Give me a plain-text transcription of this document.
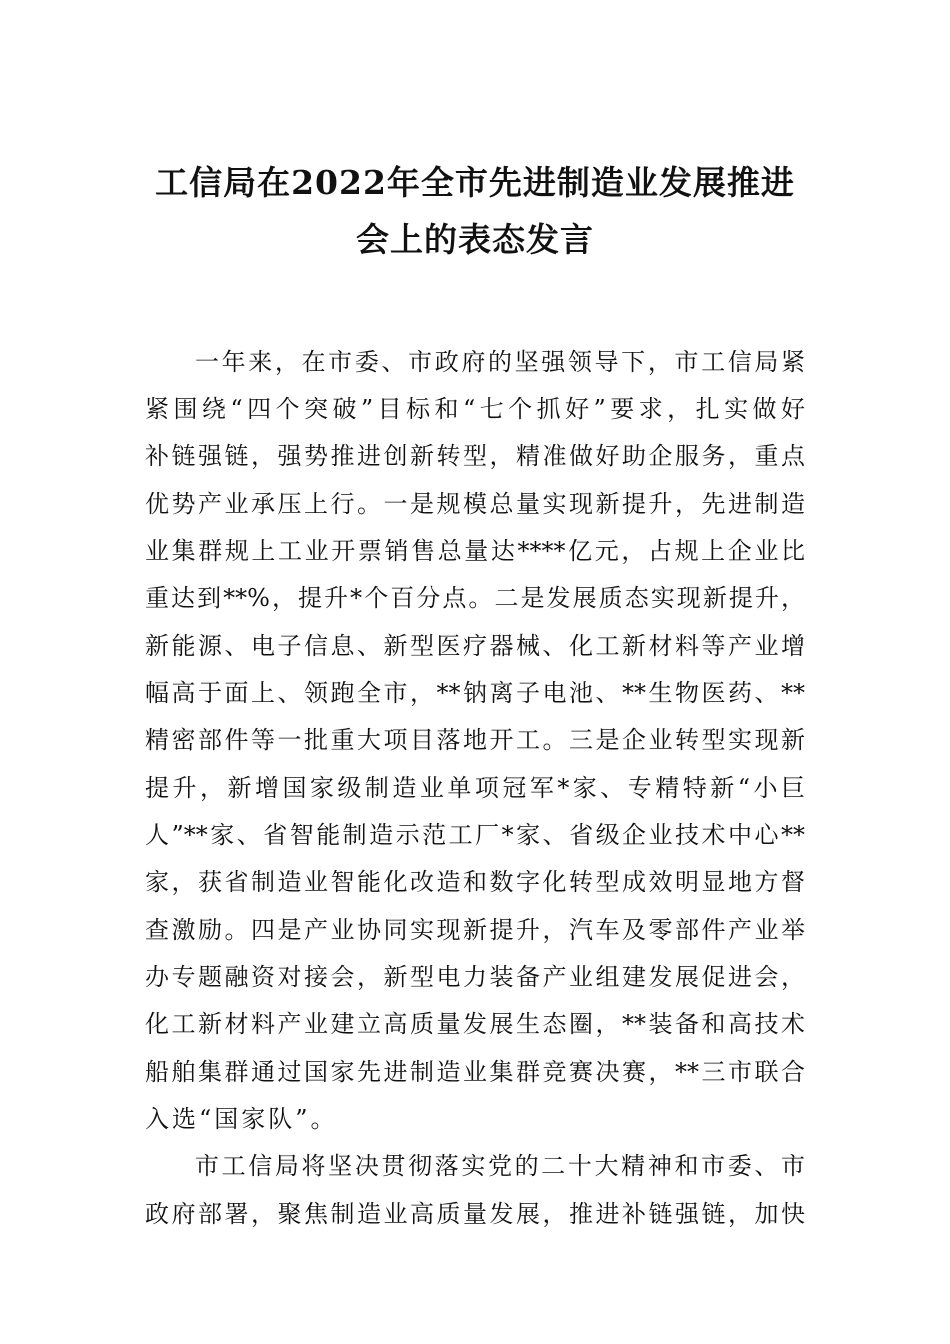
工信局在2022年全市先进制造业发展推进
会上的表态发言
一年来，在市委、市政府的坚强领导下，市工信局紧
紧围绕“四个突破”目标和“七个抓好”要求，扎实做好
补链强链，强势推进创新转型，精准做好助企服务，重点
优势产业承压上行。一是规模总量实现新提升，先进制造
业集群规上工业开票销售总量达****亿元，占规上企业比
重达到**%，提升*个百分点。二是发展质态实现新提升，
新能源、电子信息、新型医疗器械、化工新材料等产业增
幅高于面上、领跑全市，**钠离子电池、**生物医药、**
精密部件等一批重大项目落地开工。三是企业转型实现新
提升，新增国家级制造业单项冠军*家、专精特新“小巨
人”**家、省智能制造示范工厂*家、省级企业技术中心**
家，获省制造业智能化改造和数字化转型成效明显地方督
查激励。四是产业协同实现新提升，汽车及零部件产业举
办专题融资对接会，新型电力装备产业组建发展促进会，
化工新材料产业建立高质量发展生态圈，**装备和高技术
船舶集群通过国家先进制造业集群竞赛决赛，**三市联合
入选“国家队”。
市工信局将坚决贯彻落实党的二十大精神和市委、市
政府部署，聚焦制造业高质量发展，推进补链强链，加快
